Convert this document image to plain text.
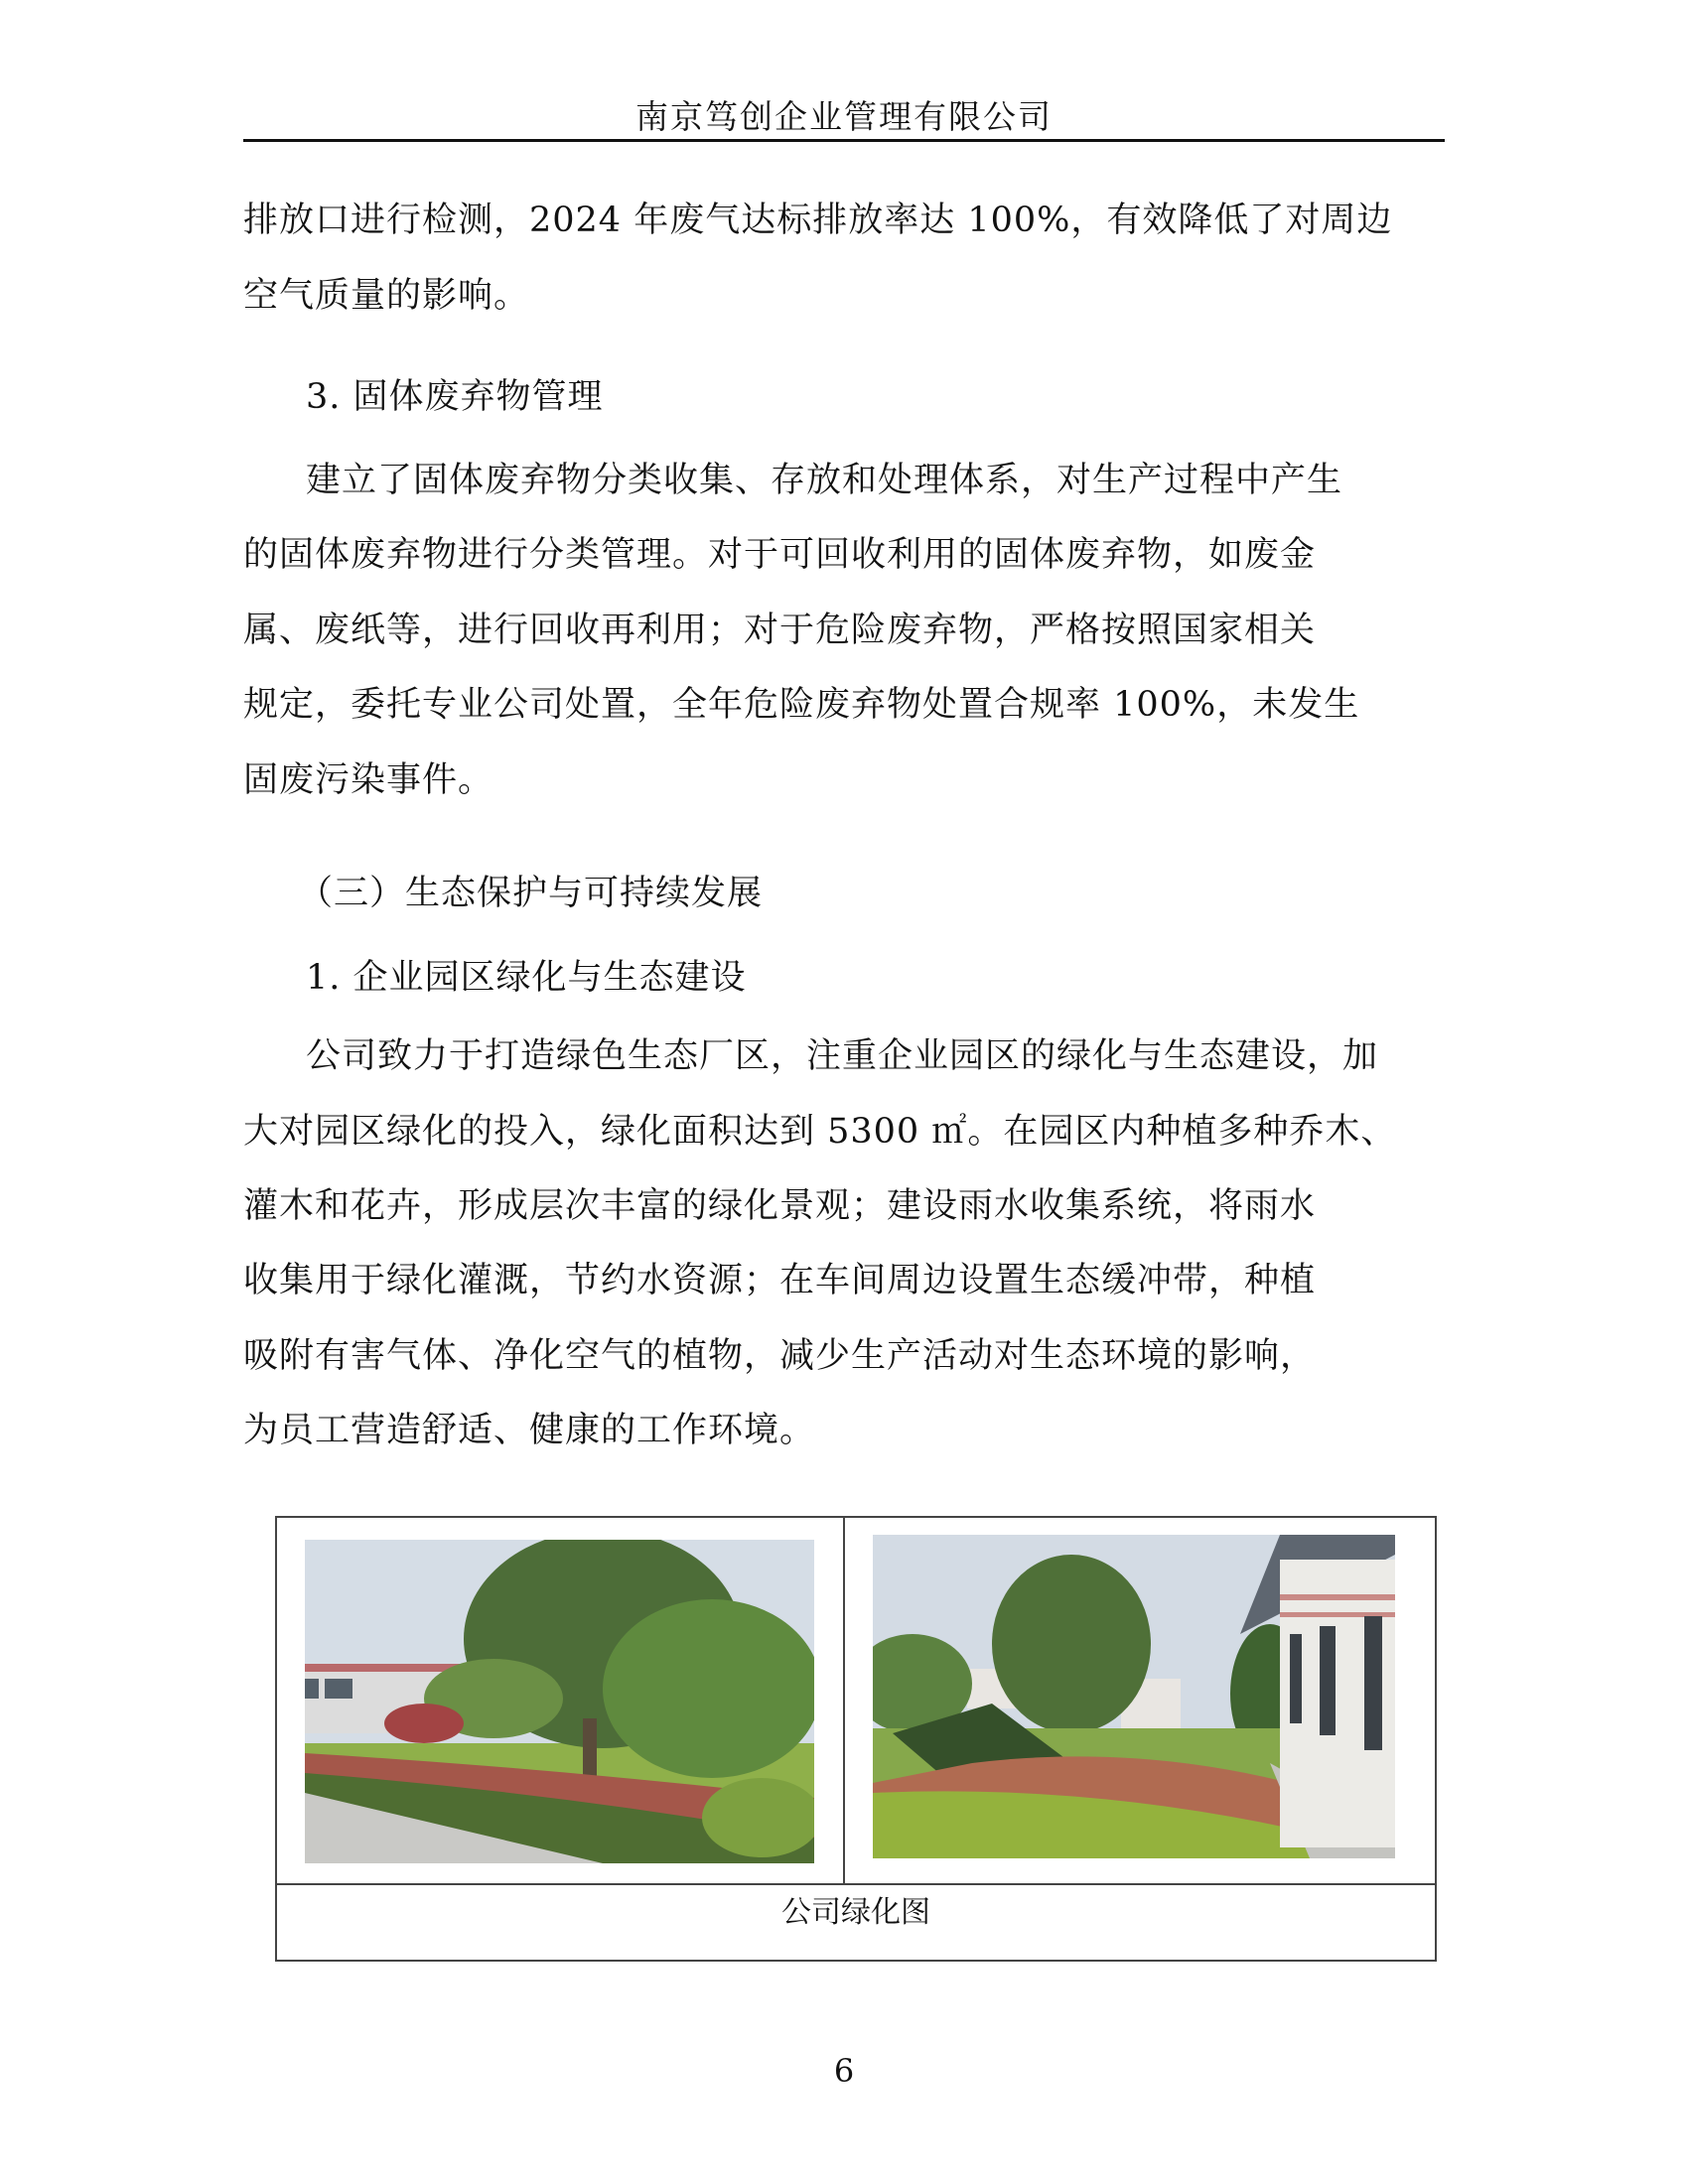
南京笃创企业管理有限公司
排放口进行检测，2024 年废气达标排放率达 100%，有效降低了对周边
空气质量的影响。
3. 固体废弃物管理
建立了固体废弃物分类收集、存放和处理体系，对生产过程中产生
的固体废弃物进行分类管理。对于可回收利用的固体废弃物，如废金
属、废纸等，进行回收再利用；对于危险废弃物，严格按照国家相关
规定，委托专业公司处置，全年危险废弃物处置合规率 100%，未发生
固废污染事件。
（三）生态保护与可持续发展
1. 企业园区绿化与生态建设
公司致力于打造绿色生态厂区，注重企业园区的绿化与生态建设，加
大对园区绿化的投入，绿化面积达到 5300 ㎡。在园区内种植多种乔木、
灌木和花卉，形成层次丰富的绿化景观；建设雨水收集系统，将雨水
收集用于绿化灌溉，节约水资源；在车间周边设置生态缓冲带，种植
吸附有害气体、净化空气的植物，减少生产活动对生态环境的影响，
为员工营造舒适、健康的工作环境。
公司绿化图
6
